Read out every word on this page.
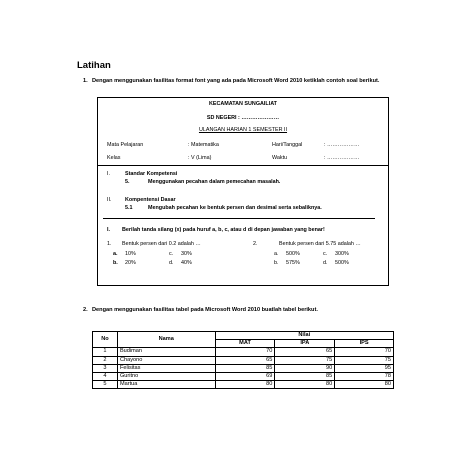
Latihan
1. Dengan menggunakan fasilitas format font yang ada pada Microsoft Word 2010 ketiklah contoh soal berikut.
KECAMATAN SUNGAILIAT
SD NEGERI : …………………
ULANGAN HARIAN 1 SEMESTER II
Mata Pelajaran	: Matematika	Hari/Tanggal	: ………………
Kelas	: V (Lima)	Waktu	: ………………
I.	Standar Kompetensi
5.	Menggunakan pecahan dalam pemecahan masalah.
II.	Kompentensi Dasar
5.1	Mengubah pecahan ke bentuk persen dan desimal serta sebaliknya.
I. Berilah tanda silang (x) pada huruf a, b, c, atau d di depan jawaban yang benar!
1. Bentuk persen dari 0.2 adalah …
a. 10%	c. 30%
b. 20%	d. 40%
2.	Bentuk persen dari 5.75 adalah …
a. 500%	c. 300%
b. 575%	d. 500%
2. Dengan menggunakan fasilitas tabel pada Microsoft Word 2010 buatlah tabel berikut.
No	Nama	Nilai		
		MAT	IPA	IPS
1	Budiman	70	65	70
2	Chayono	65	75	75
3	Felisitas	85	90	95
4	Guritno	69	85	78
5	Martua	80	80	80
